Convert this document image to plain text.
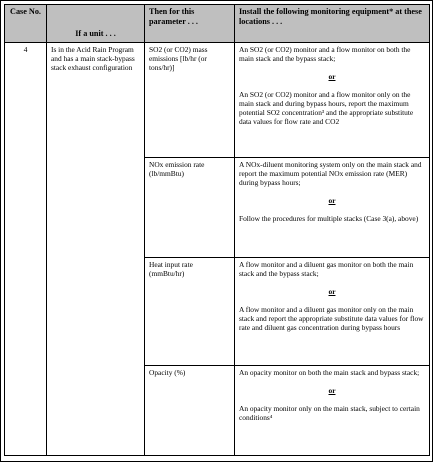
Case No.	If a unit . . .	Then for this parameter . . .	Install the following monitoring equipment* at these locations . . .
4	Is in the Acid Rain Program and has a main stack-bypass stack exhaust configuration	SO2 (or CO2) mass emissions [lb/hr (or tons/hr)]	An SO2 (or CO2) monitor and a flow monitor on both the main stack and the bypass stack;

or

An SO2 (or CO2) monitor and a flow monitor only on the main stack and during bypass hours, report the maximum potential SO2 concentration³ and the appropriate substitute data values for flow rate and CO2

		NOx emission rate (lb/mmBtu)	A NOx-diluent monitoring system only on the main stack and report the maximum potential NOx emission rate (MER) during bypass hours;

or

Follow the procedures for multiple stacks (Case 3(a), above)

		Heat input rate (mmBtu/hr)	A flow monitor and a diluent gas monitor on both the main stack and the bypass stack;

or

A flow monitor and a diluent gas monitor only on the main stack and report the appropriate substitute data values for flow rate and diluent gas concentration during bypass hours

		Opacity (%)	An opacity monitor on both the main stack and bypass stack;

or

An opacity monitor only on the main stack, subject to certain conditions⁴
